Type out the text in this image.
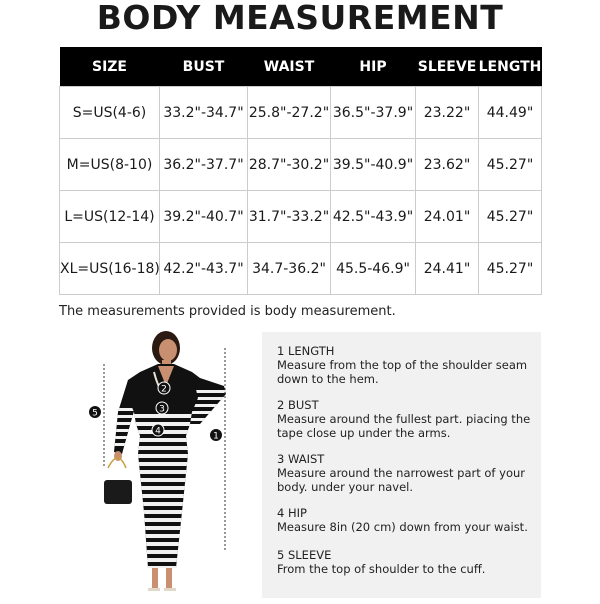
BODY MEASUREMENT
SIZE	BUST	WAIST	HIP	SLEEVE	LENGTH
S=US(4-6)	33.2"-34.7"	25.8"-27.2"	36.5"-37.9"	23.22"	44.49"
M=US(8-10)	36.2"-37.7"	28.7"-30.2"	39.5"-40.9"	23.62"	45.27"
L=US(12-14)	39.2"-40.7"	31.7"-33.2"	42.5"-43.9"	24.01"	45.27"
XL=US(16-18)	42.2"-43.7"	34.7-36.2"	45.5-46.9"	24.41"	45.27"
The measurements provided is body measurement.
1
2
3
4
5
1 LENGTH
Measure from the top of the shoulder seam down to the hem.
2 BUST
Measure around the fullest part. piacing the tape close up under the arms.
3 WAIST
Measure around the narrowest part of your body. under your navel.
4 HIP
Measure 8in (20 cm) down from your waist.
5 SLEEVE
From the top of shoulder to the cuff.
